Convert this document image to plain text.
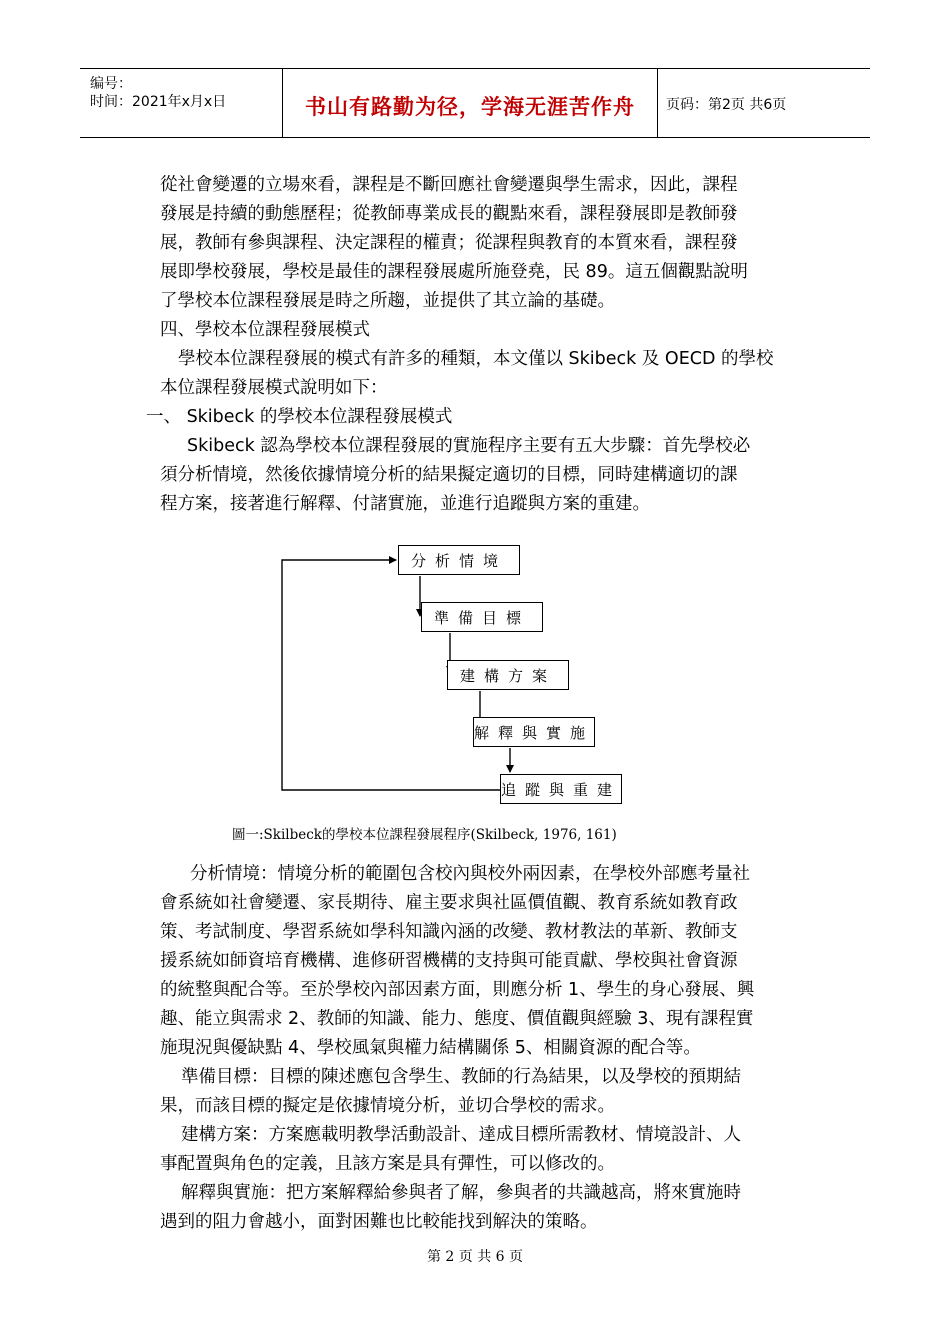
编号：
时间：2021年x月x日	书山有路勤为径，学海无涯苦作舟	页码：第2页 共6页
從社會變遷的立場來看，課程是不斷回應社會變遷與學生需求，因此，課程
發展是持續的動態歷程；從教師專業成長的觀點來看，課程發展即是教師發
展，教師有參與課程、決定課程的權責；從課程與教育的本質來看，課程發
展即學校發展，學校是最佳的課程發展處所施登堯，民 89。這五個觀點說明
了學校本位課程發展是時之所趨，並提供了其立論的基礎。
四、學校本位課程發展模式
學校本位課程發展的模式有許多的種類，本文僅以 Skibeck 及 OECD 的學校
本位課程發展模式說明如下：
一、 Skibeck 的學校本位課程發展模式
Skibeck 認為學校本位課程發展的實施程序主要有五大步驟：首先學校必
須分析情境，然後依據情境分析的結果擬定適切的目標，同時建構適切的課
程方案，接著進行解釋、付諸實施，並進行追蹤與方案的重建。
分析情境
準備目標
建構方案
解釋與實施
追蹤與重建
圖一:Skilbeck的學校本位課程發展程序(Skilbeck, 1976, 161)
分析情境：情境分析的範圍包含校內與校外兩因素，在學校外部應考量社
會系統如社會變遷、家長期待、雇主要求與社區價值觀、教育系統如教育政
策、考試制度、學習系統如學科知識內涵的改變、教材教法的革新、教師支
援系統如師資培育機構、進修研習機構的支持與可能貢獻、學校與社會資源
的統整與配合等。至於學校內部因素方面，則應分析 1、學生的身心發展、興
趣、能立與需求 2、教師的知識、能力、態度、價值觀與經驗 3、現有課程實
施現況與優缺點 4、學校風氣與權力結構關係 5、相關資源的配合等。
準備目標：目標的陳述應包含學生、教師的行為結果，以及學校的預期結
果，而該目標的擬定是依據情境分析，並切合學校的需求。
建構方案：方案應載明教學活動設計、達成目標所需教材、情境設計、人
事配置與角色的定義，且該方案是具有彈性，可以修改的。
解釋與實施：把方案解釋給參與者了解，參與者的共識越高，將來實施時
遇到的阻力會越小，面對困難也比較能找到解決的策略。
第 2 页 共 6 页
